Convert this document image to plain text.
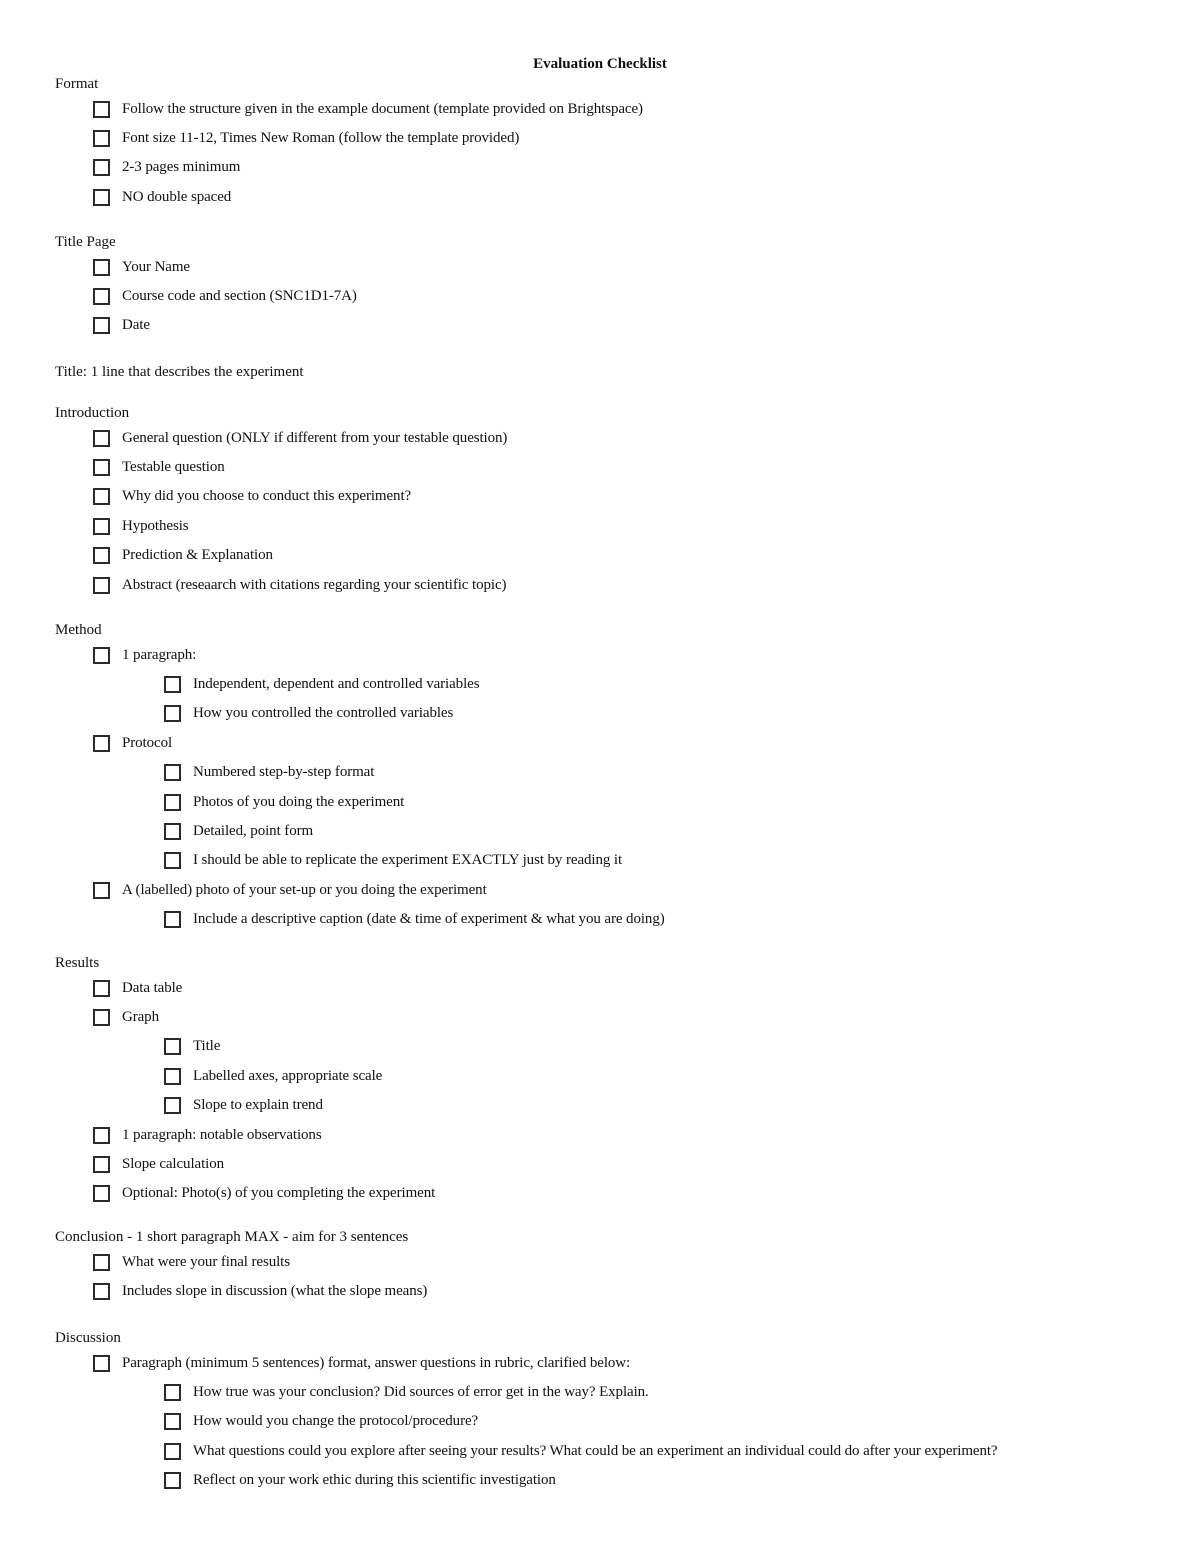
Evaluation Checklist
Format
Follow the structure given in the example document (template provided on Brightspace)
Font size 11-12, Times New Roman (follow the template provided)
2-3 pages minimum
NO double spaced
Title Page
Your Name
Course code and section (SNC1D1-7A)
Date
Title: 1 line that describes the experiment
Introduction
General question (ONLY if different from your testable question)
Testable question
Why did you choose to conduct this experiment?
Hypothesis
Prediction & Explanation
Abstract (reseaarch with citations regarding your scientific topic)
Method
1 paragraph:
Independent, dependent and controlled variables
How you controlled the controlled variables
Protocol
Numbered step-by-step format
Photos of you doing the experiment
Detailed, point form
I should be able to replicate the experiment EXACTLY just by reading it
A (labelled) photo of your set-up or you doing the experiment
Include a descriptive caption (date & time of experiment & what you are doing)
Results
Data table
Graph
Title
Labelled axes, appropriate scale
Slope to explain trend
1 paragraph: notable observations
Slope calculation
Optional: Photo(s) of you completing the experiment
Conclusion - 1 short paragraph MAX - aim for 3 sentences
What were your final results
Includes slope in discussion (what the slope means)
Discussion
Paragraph (minimum 5 sentences) format, answer questions in rubric, clarified below:
How true was your conclusion? Did sources of error get in the way? Explain.
How would you change the protocol/procedure?
What questions could you explore after seeing your results? What could be an experiment an individual could do after your experiment?
Reflect on your work ethic during this scientific investigation
